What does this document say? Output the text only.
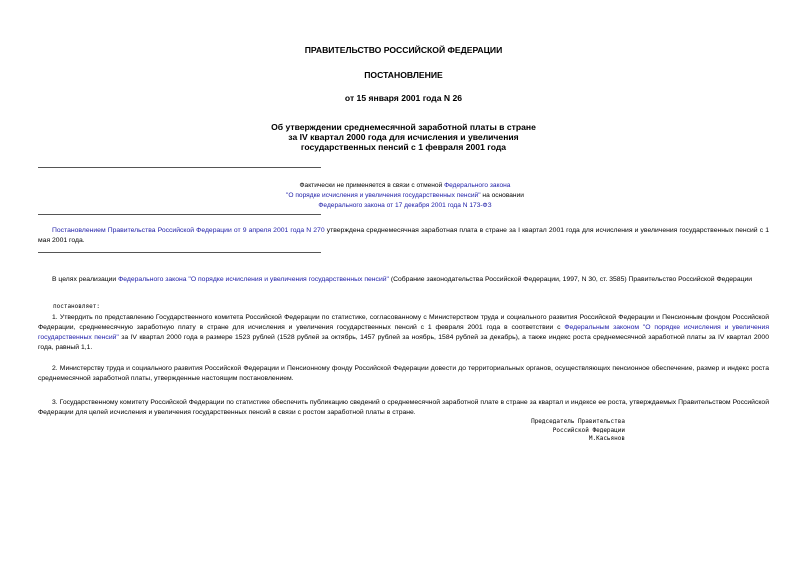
ПРАВИТЕЛЬСТВО РОССИЙСКОЙ ФЕДЕРАЦИИ
ПОСТАНОВЛЕНИЕ
от 15 января 2001 года N 26
Об утверждении среднемесячной заработной платы в стране
за IV квартал 2000 года для исчисления и увеличения
государственных пенсий с 1 февраля 2001 года
Фактически не применяется в связи с отменой Федерального закона
"О порядке исчисления и увеличения государственных пенсий" на основании
Федерального закона от 17 декабря 2001 года N 173-ФЗ
Постановлением Правительства Российской Федерации от 9 апреля 2001 года N 270 утверждена среднемесячная заработная плата в стране за I квартал 2001 года для исчисления и увеличения государственных пенсий с 1 мая 2001 года.
В целях реализации Федерального закона "О порядке исчисления и увеличения государственных пенсий" (Собрание законодательства Российской Федерации, 1997, N 30, ст. 3585) Правительство Российской Федерации
постановляет:
1. Утвердить по представлению Государственного комитета Российской Федерации по статистике, согласованному с Министерством труда и социального развития Российской Федерации и Пенсионным фондом Российской Федерации, среднемесячную заработную плату в стране для исчисления и увеличения государственных пенсий с 1 февраля 2001 года в соответствии с Федеральным законом "О порядке исчисления и увеличения государственных пенсий" за IV квартал 2000 года в размере 1523 рублей (1528 рублей за октябрь, 1457 рублей за ноябрь, 1584 рублей за декабрь), а также индекс роста среднемесячной заработной платы за IV квартал 2000 года, равный 1,1.
2. Министерству труда и социального развития Российской Федерации и Пенсионному фонду Российской Федерации довести до территориальных органов, осуществляющих пенсионное обеспечение, размер и индекс роста среднемесячной заработной платы, утвержденные настоящим постановлением.
3. Государственному комитету Российской Федерации по статистике обеспечить публикацию сведений о среднемесячной заработной плате в стране за квартал и индексе ее роста, утверждаемых Правительством Российской Федерации для целей исчисления и увеличения государственных пенсий в связи с ростом заработной платы в стране.
Председатель Правительства
Российской Федерации
М.Касьянов
